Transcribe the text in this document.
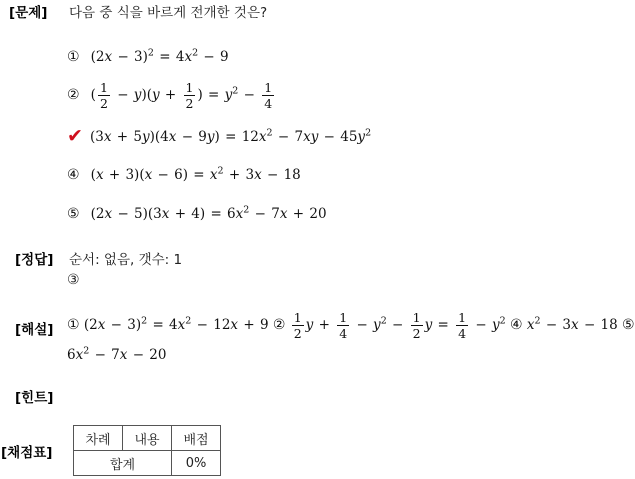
[문제]
[정답]
[해설]
[힌트]
[채점표]
다음 중 식을 바르게 전개한 것은?
① $(2x - 3)^2 = 4x^2 - 9$
② ( $\frac{1}{2} - y)(y + \frac{1}{2}$ ) = $y^2 - \frac{1}{4}$
✔ $(3x + 5y)(4x - 9y) = 12x^2 - 7xy - 45y^2$
④ $(x + 3)(x - 6) = x^2 + 3x - 18$
⑤ $(2x - 5)(3x + 4) = 6x^2 - 7x + 20$
순서: 없음, 갯수: 1
③
① $(2x - 3)^2 = 4x^2 - 12x + 9$ ② $\frac{1}{2}$ $y + \frac{1}{4} - y^2 - \frac{1}{2}$ $y = \frac{1}{4} - y^2$ ④ $x^2 - 3x - 18$ ⑤
$6x^2 - 7x - 20$
차례	내용	배점
합계		0%
